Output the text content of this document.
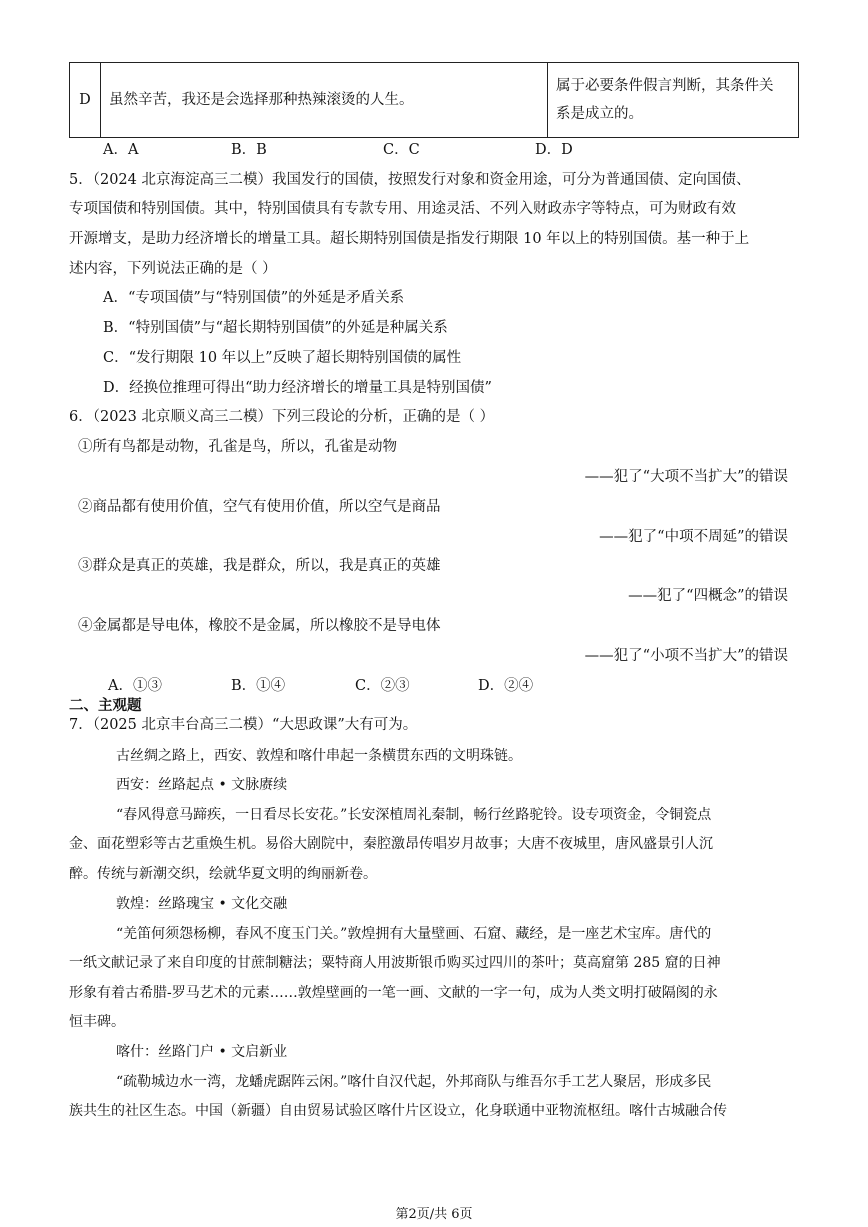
D	虽然辛苦，我还是会选择那种热辣滚烫的人生。	
属于必要条件假言判断，其条件关
系是成立的。
A．A	B．B	C．C	D．D
5．（2024 北京海淀高三二模）我国发行的国债，按照发行对象和资金用途，可分为普通国债、定向国债、
专项国债和特别国债。其中，特别国债具有专款专用、用途灵活、不列入财政赤字等特点，可为财政有效
开源增支，是助力经济增长的增量工具。超长期特别国债是指发行期限 10 年以上的特别国债。基一种于上
述内容，下列说法正确的是（ ）
A．“专项国债”与“特别国债”的外延是矛盾关系
B．“特别国债”与“超长期特别国债”的外延是种属关系
C．“发行期限 10 年以上”反映了超长期特别国债的属性
D．经换位推理可得出“助力经济增长的增量工具是特别国债”
6．（2023 北京顺义高三二模）下列三段论的分析，正确的是（ ）
①所有鸟都是动物，孔雀是鸟，所以，孔雀是动物
——犯了“大项不当扩大”的错误
②商品都有使用价值，空气有使用价值，所以空气是商品
——犯了“中项不周延”的错误
③群众是真正的英雄，我是群众，所以，我是真正的英雄
——犯了“四概念”的错误
④金属都是导电体，橡胶不是金属，所以橡胶不是导电体
——犯了“小项不当扩大”的错误
A．①③	B．①④	C．②③	D．②④
二、主观题
7．（2025 北京丰台高三二模）“大思政课”大有可为。
古丝绸之路上，西安、敦煌和喀什串起一条横贯东西的文明珠链。
西安：丝路起点 • 文脉赓续
“春风得意马蹄疾，一日看尽长安花。”长安深植周礼秦制，畅行丝路驼铃。设专项资金，令铜瓷点
金、面花塑彩等古艺重焕生机。易俗大剧院中，秦腔激昂传唱岁月故事；大唐不夜城里，唐风盛景引人沉
醉。传统与新潮交织，绘就华夏文明的绚丽新卷。
敦煌：丝路瑰宝 • 文化交融
“羌笛何须怨杨柳，春风不度玉门关。”敦煌拥有大量壁画、石窟、藏经，是一座艺术宝库。唐代的
一纸文献记录了来自印度的甘蔗制糖法；粟特商人用波斯银币购买过四川的茶叶；莫高窟第 285 窟的日神
形象有着古希腊-罗马艺术的元素……敦煌壁画的一笔一画、文献的一字一句，成为人类文明打破隔阂的永
恒丰碑。
喀什：丝路门户 • 文启新业
“疏勒城边水一湾，龙蟠虎踞阵云闲。”喀什自汉代起，外邦商队与维吾尔手工艺人聚居，形成多民
族共生的社区生态。中国（新疆）自由贸易试验区喀什片区设立，化身联通中亚物流枢纽。喀什古城融合传
第2页/共 6页
